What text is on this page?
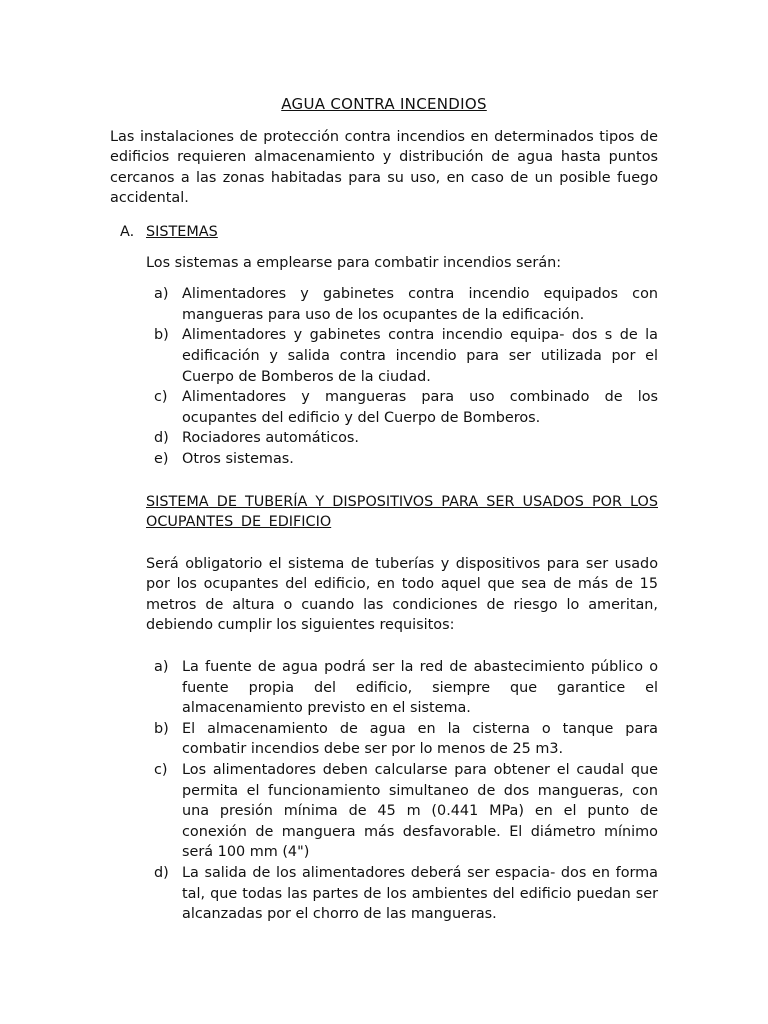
AGUA CONTRA INCENDIOS
Las instalaciones de protección contra incendios en determinados tipos de edificios requieren almacenamiento y distribución de agua hasta puntos cercanos a las zonas habitadas para su uso, en caso de un posible fuego accidental.
A. SISTEMAS
Los sistemas a emplearse para combatir incendios serán:
a) Alimentadores y gabinetes contra incendio equipados con mangueras para uso de los ocupantes de la edificación.
b) Alimentadores y gabinetes contra incendio equipa- dos s de la edificación y salida contra incendio para ser utilizada por el Cuerpo de Bomberos de la ciudad.
c)	Alimentadores y mangueras para uso combinado de los ocupantes del edificio y del Cuerpo de Bomberos.
d) Rociadores automáticos.
e) Otros sistemas.
SISTEMA DE TUBERÍA Y DISPOSITIVOS PARA SER USADOS POR LOS OCUPANTES DE EDIFICIO
Será obligatorio el sistema de tuberías y dispositivos para ser usado por los ocupantes del edificio, en todo aquel que sea de más de 15 metros de altura o cuando las condiciones de riesgo lo ameritan, debiendo cumplir los siguientes requisitos:
a) La fuente de agua podrá ser la red de abastecimiento público o fuente propia del edificio, siempre que garantice el almacenamiento previsto en el sistema.
b) El almacenamiento de agua en la cisterna o tanque para combatir incendios debe ser por lo menos de 25 m3.
c)	Los alimentadores deben calcularse para obtener el caudal que permita el funcionamiento simultaneo de dos mangueras, con una presión mínima de 45 m (0.441 MPa) en el punto de conexión de manguera más desfavorable. El diámetro mínimo será 100 mm (4")
d) La salida de los alimentadores deberá ser espacia- dos en forma tal, que todas las partes de los ambientes del edificio puedan ser alcanzadas por el chorro de las mangueras.
